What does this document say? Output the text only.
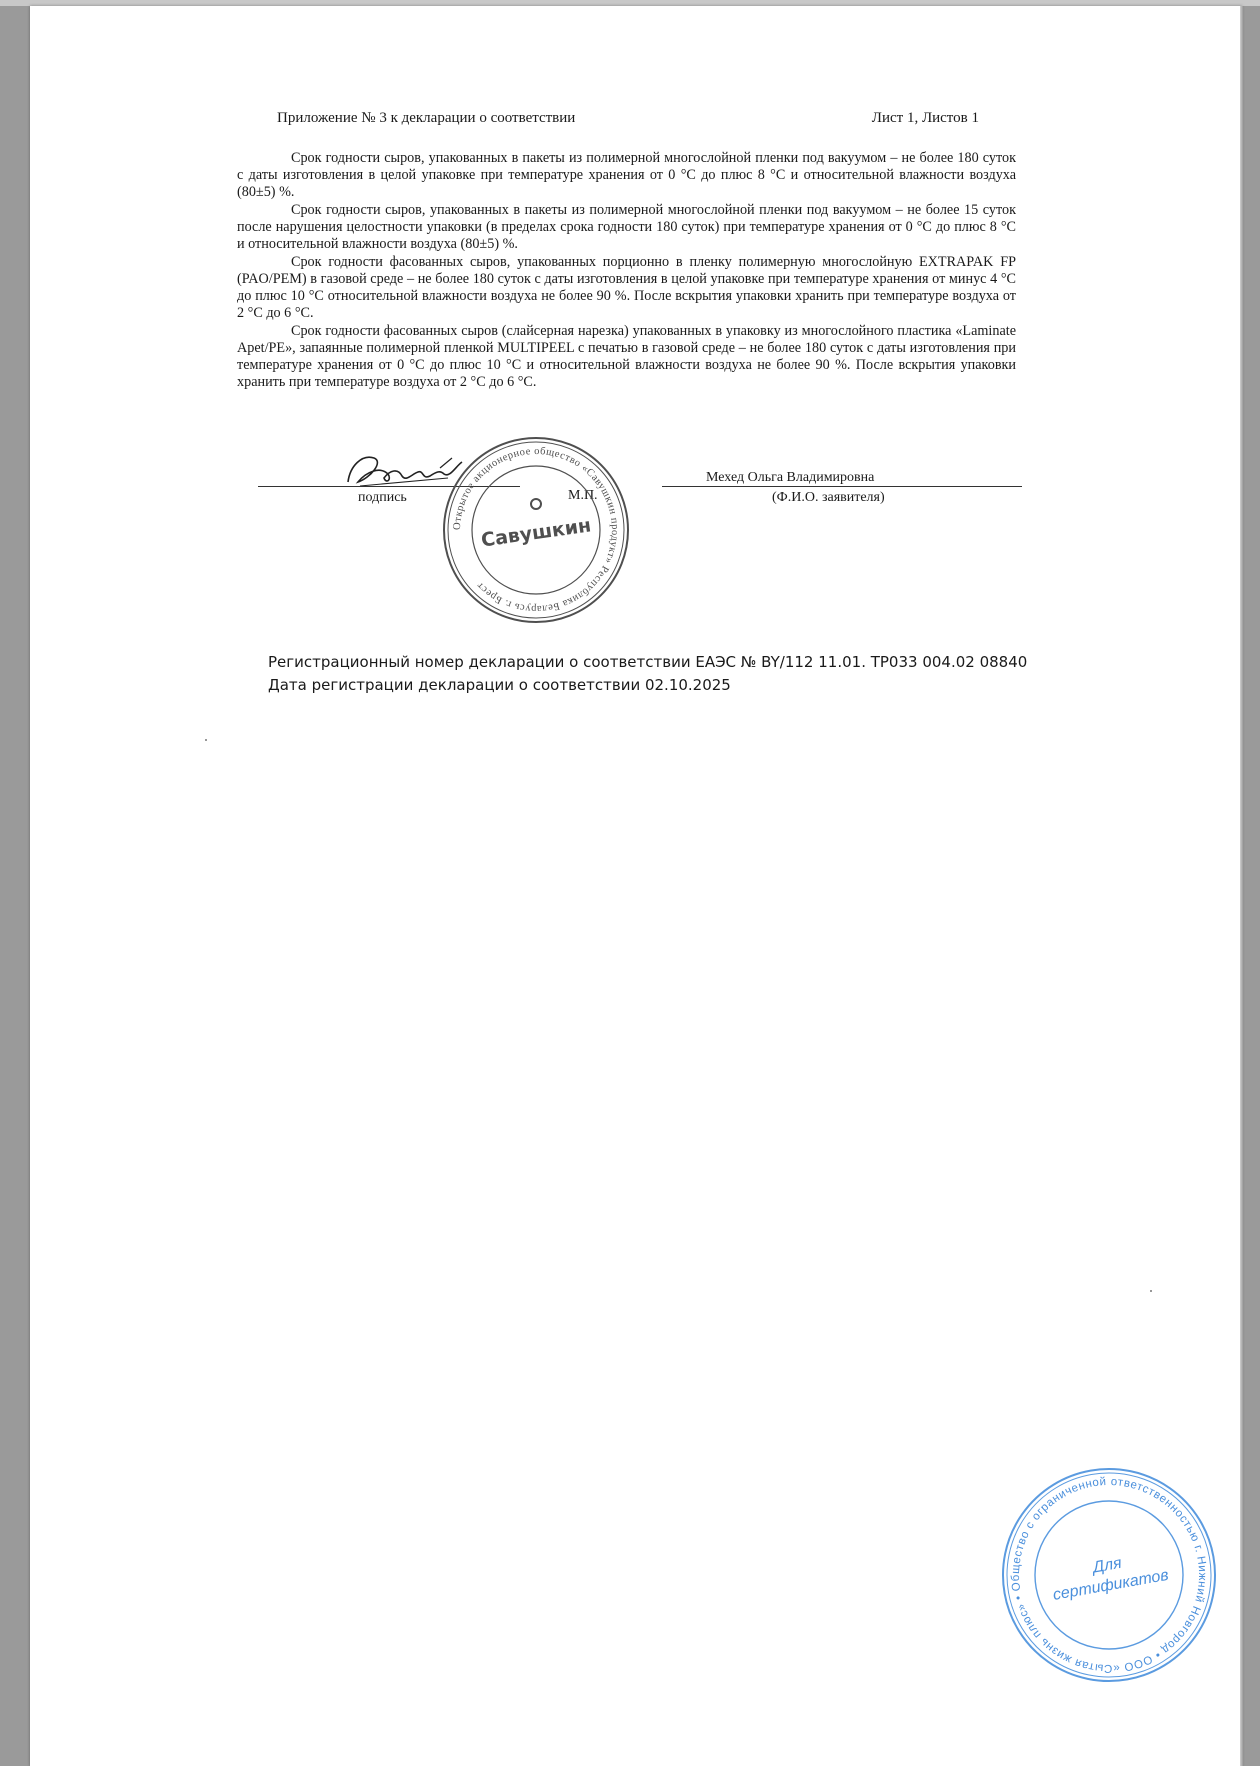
Приложение № 3 к декларации о соответствии	Лист 1, Листов 1

Срок годности сыров, упакованных в пакеты из полимерной многослойной пленки под вакуумом – не более 180 суток с даты изготовления в целой упаковке при температуре хранения от 0 °С до плюс 8 °С и относительной влажности воздуха (80±5) %.

Срок годности сыров, упакованных в пакеты из полимерной многослойной пленки под вакуумом – не более 15 суток после нарушения целостности упаковки (в пределах срока годности 180 суток) при температуре хранения от 0 °С до плюс 8 °С и относительной влажности воздуха (80±5) %.

Срок годности фасованных сыров, упакованных порционно в пленку полимерную многослойную EXTRAPAK FP (PAO/PEM) в газовой среде – не более 180 суток с даты изготовления в целой упаковке при температуре хранения от минус 4 °С до плюс 10 °С относительной влажности воздуха не более 90 %. После вскрытия упаковки хранить при температуре воздуха от 2 °С до 6 °С.

Срок годности фасованных сыров (слайсерная нарезка) упакованных в упаковку из многослойного пластика «Laminate Apet/PE», запаянные полимерной пленкой MULTIPEEL с печатью в газовой среде – не более 180 суток с даты изготовления при температуре хранения от 0 °С до плюс 10 °С и относительной влажности воздуха не более 90 %. После вскрытия упаковки хранить при температуре воздуха от 2 °С до 6 °С.

подпись	М.П.
Мехед Ольга Владимировна
(Ф.И.О. заявителя)
Открытое акционерное общество «Савушкин продукт» Республика Беларусь г. Брест
Савушкин
Регистрационный номер декларации о соответствии ЕАЭС № BY/112 11.01. ТР033 004.02 08840
Дата регистрации декларации о соответствии 02.10.2025
Общество с ограниченной ответственностью г. Нижний Новгород • ООО «Сытая жизнь плюс» •
Для сертификатов
